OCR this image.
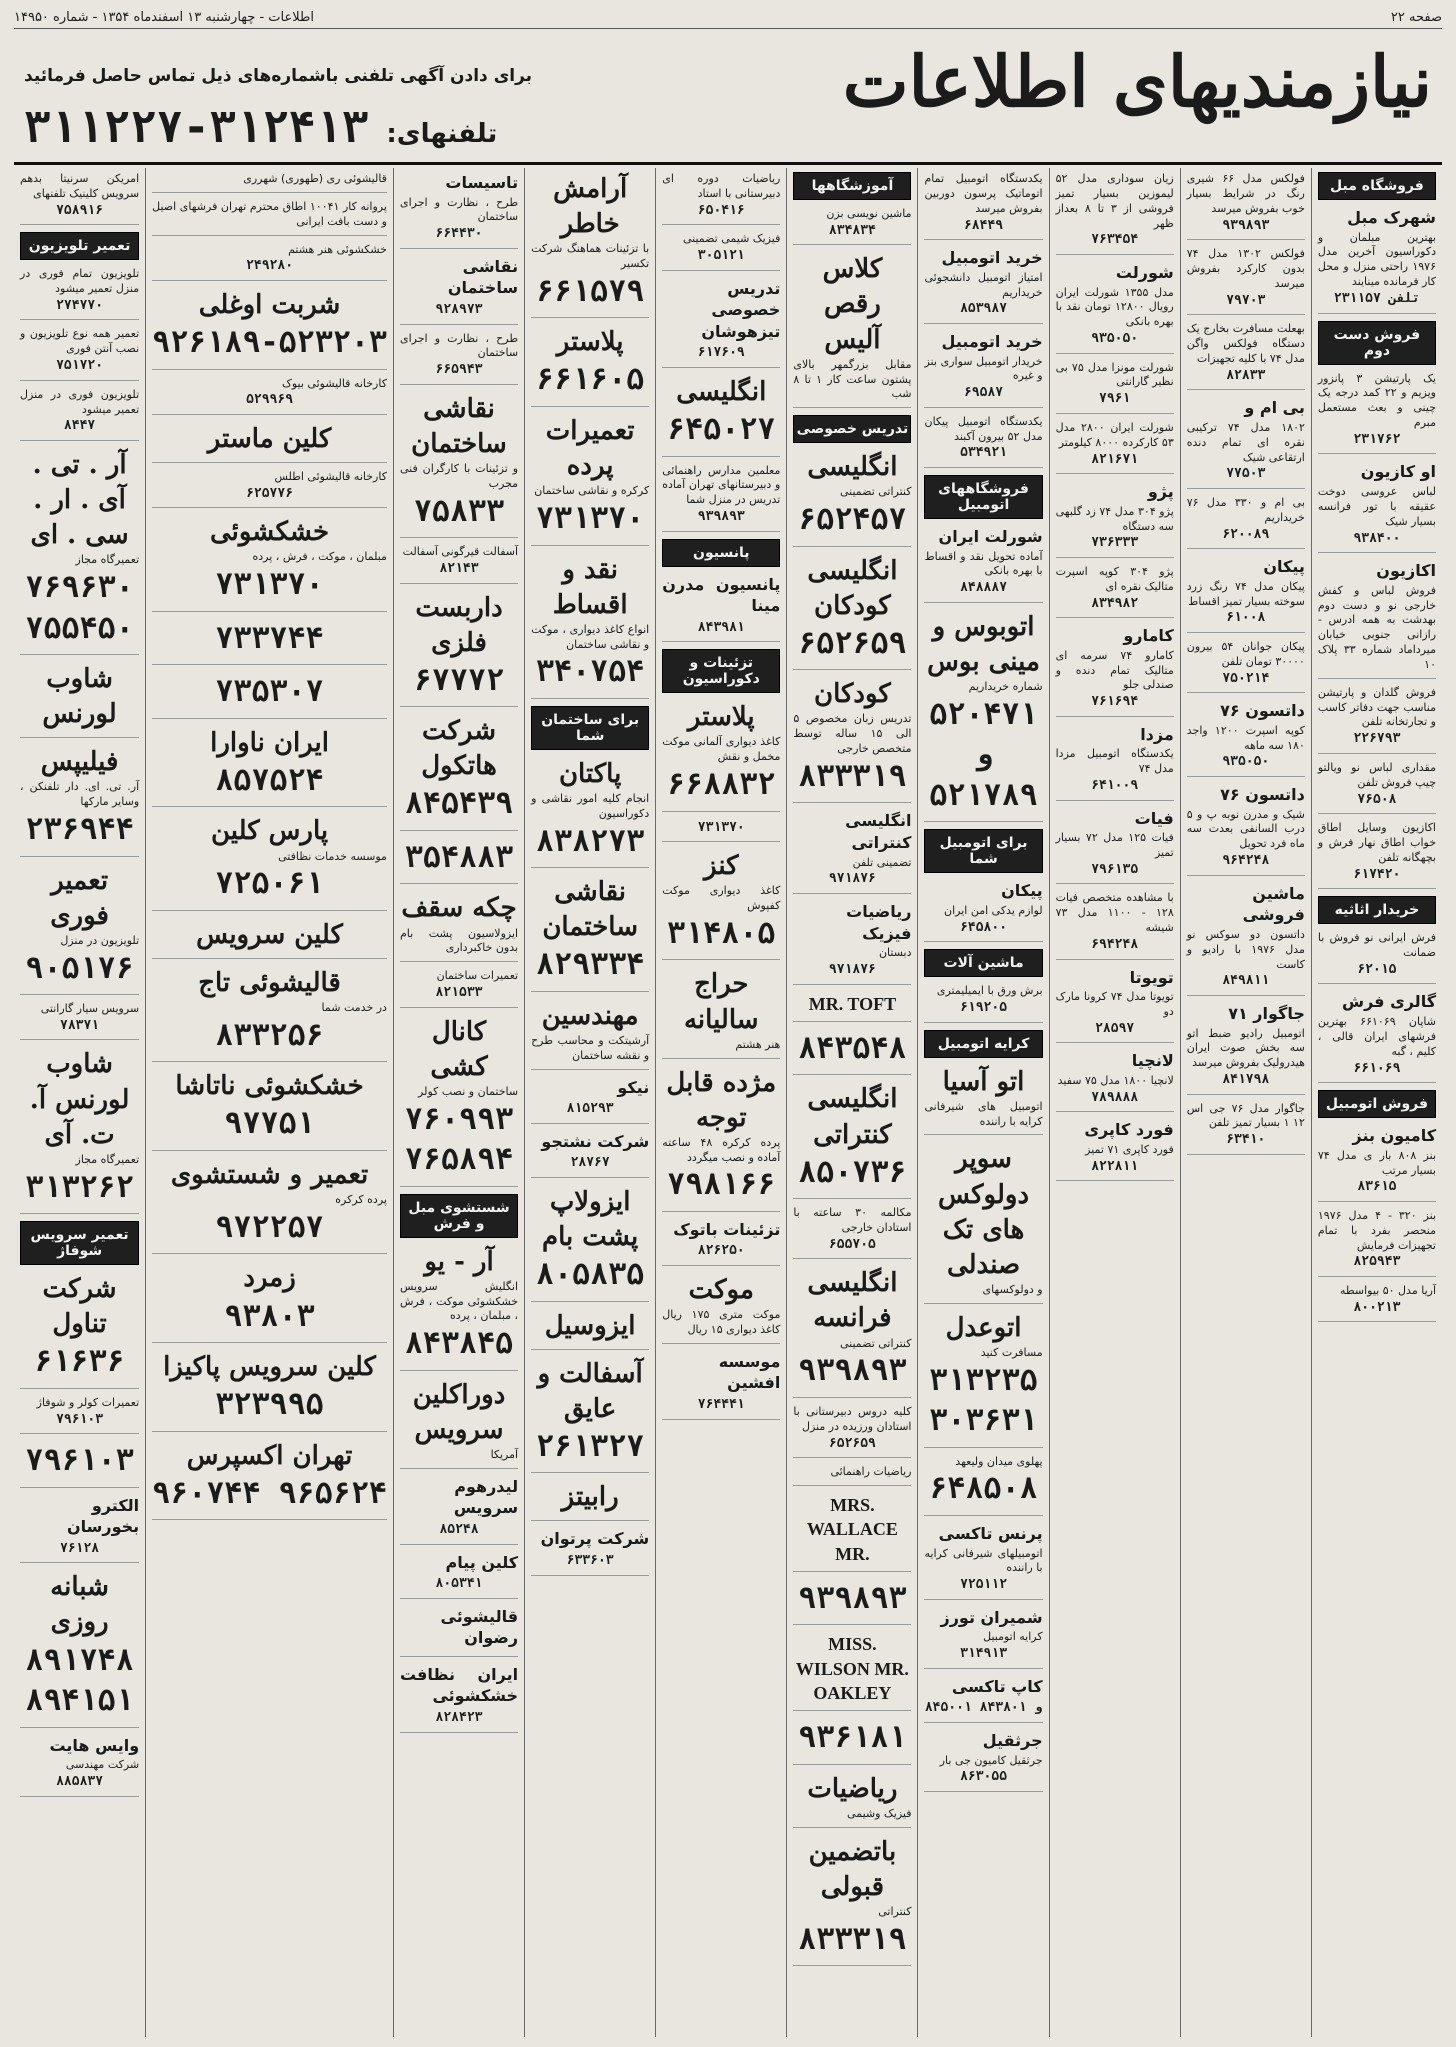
صفحه ۲۲
اطلاعات - چهارشنبه ۱۳ اسفندماه ۱۳۵۴ - شماره ۱۴۹۵۰
نیازمندیهای اطلاعات
برای دادن آگهی تلفنی باشماره‌های ذیل تماس حاصل فرمائید
تلفنهای:
۳۱۱۲۲۷-۳۱۲۴۱۳
فروشگاه مبل
شهرک مبل
بهترین مبلمان و دکوراسیون آخرین مدل ۱۹۷۶ راحتی منزل و محل کار فرمانده مینایند
تلفن ۲۳۱۱۵۷
فروش دست دوم
یک پارتیشن ۳ پانزور ویزیم و ۲۲ کمد درجه یک چینی و بعث مستعمل مبرم
۲۳۱۷۶۲
او کازیون
لباس عروسی دوخت عقیقه با تور فرانسه بسیار شیک
۹۳۸۴۰۰
اکازیون
فروش لباس و کفش خارجی نو و دست دوم بهدشت به همه ادرس - رازانی جنوبی خیابان میرداماد شماره ۳۳ پلاک ۱۰
فروش گلدان و پارتیشن مناسب جهت دفاتر کاسب و تجارتخانه تلفن
۲۲۶۷۹۳
مقداری لباس نو ویالتو چیپ فروش تلفن
۷۶۵۰۸
اکازیون وسایل اطاق خواب اطاق نهار فرش و بچهگانه تلفن
۶۱۷۴۲۰
خریدار اثاثیه
فرش ایرانی نو فروش با ضمانت
۶۲۰۱۵
گالری فرش
شاپان ۶۶۱۰۶۹ بهترین فرشهای ایران قالی ، کلیم ، گبه
۶۶۱۰۶۹
فروش اتومبیل
کامیون بنز
بنز ۸۰۸ بار ی مدل ۷۴ بسیار مرتب
۸۳۶۱۵
بنز ۳۲۰ - ۴ مدل ۱۹۷۶ منحصر بفرد با تمام تجهیزات فرمایش
۸۲۵۹۴۳
آریا مدل ۵۰ بیواسطه
۸۰۰۲۱۳
فولکس مدل ۶۶ شیری رنگ در شرایط بسیار خوب بفروش میرسد
۹۳۹۸۹۳
فولکس ۱۳۰۲ مدل ۷۴ بدون کارکرد بفروش میرسد
۷۹۷۰۳
بهعلت مسافرت بخارج یک دستگاه فولکس واگن مدل ۷۴ با کلیه تجهیزات
۸۲۸۳۳
بی ام و
۱۸۰۲ مدل ۷۴ ترکیبی نقره ای تمام دنده ارتقاعی شیک
۷۷۵۰۳
بی ام و ۳۳۰ مدل ۷۶ خریداریم
۶۲۰۰۸۹
پیکان
پیکان مدل ۷۴ رنگ زرد سوخته بسیار تمیز اقساط
۶۱۰۰۸
پیکان جوانان ۵۴ بیرون ۳۰۰۰۰ تومان تلفن
۷۵۰۲۱۴
داتسون ۷۶
کوپه اسپرت ۱۲۰۰ واجد ۱۸۰ سه ماهه
۹۳۵۰۵۰
داتسون ۷۶
شیک و مدرن نوبه پ و ۵ درب السانفی بعدت سه ماه فرد تحویل
۹۶۴۲۴۸
ماشین فروشی
داتسون دو سوکس نو مدل ۱۹۷۶ با رادیو و کاست
۸۴۹۸۱۱
جاگوار ۷۱
اتومبیل رادیو ضبط اتو سه بخش صوت ایران هیدرولیک بفروش میرسد
۸۴۱۷۹۸
جاگوار مدل ۷۶ جی اس ۱۲ ۱ بسیار تمیز تلفن
۶۳۴۱۰
زیان سوداری مدل ۵۲ لیموزین بسیار تمیز فروشی از ۳ تا ۸ بعداز ظهر
۷۶۳۴۵۴
شورلت
مدل ۱۳۵۵ شورلت ایران رویال ۱۲۸۰۰ تومان نقد با بهره بانکی
۹۳۵۰۵۰
شورلت مونزا مدل ۷۵ بی نظیر گارانتی
۷۹۶۱
شورلت ایران ۲۸۰۰ مدل ۵۳ کارکرده ۸۰۰۰ کیلومتر
۸۲۱۶۷۱
پژو
پژو ۳۰۴ مدل ۷۴ زد گلبهی سه دستگاه
۷۳۶۳۳۳
پژو ۳۰۴ کوپه اسپرت متالیک نقره ای
۸۳۴۹۸۲
کامارو
کامارو ۷۴ سرمه ای متالیک تمام دنده و صندلی جلو
۷۶۱۶۹۴
مزدا
یکدستگاه اتومبیل مزدا مدل ۷۴
۶۴۱۰۰۹
فیات
فیات ۱۲۵ مدل ۷۲ بسیار تمیز
۷۹۶۱۳۵
با مشاهده متخصص فیات ۱۲۸ - ۱۱۰۰ مدل ۷۳ شیشه
۶۹۴۲۴۸
تویوتا
تویوتا مدل ۷۴ کرونا مارک دو
۲۸۵۹۷
لانچیا
لانچیا ۱۸۰۰ مدل ۷۵ سفید
۷۸۹۸۸۸
فورد کاپری
فورد کاپری ۷۱ تمیز
۸۲۲۸۱۱
یکدستگاه اتومبیل تمام اتوماتیک پرسون دوربین بفروش میرسد
۶۸۴۴۹
خرید اتومبیل
امتیاز اتومبیل دانشجوئی خریداریم
۸۵۳۹۸۷
خرید اتومبیل
خریدار اتومبیل سواری بنز و غیره
۶۹۵۸۷
یکدستگاه اتومبیل پیکان مدل ۵۲ بیرون آکبند
۵۳۴۹۲۱
فروشگاههای اتومبیل
شورلت ایران
آماده تحویل نقد و اقساط با بهره بانکی
۸۴۸۸۸۷
اتوبوس و مینی بوس
شماره خریداریم
۵۲۰۴۷۱ و ۵۲۱۷۸۹
برای اتومبیل شما
پیکان
لوازم یدکی امن ایران
۶۴۵۸۰۰
ماشین آلات
برش ورق با ایمیلیمتری
۶۱۹۲۰۵
کرایه اتومبیل
اتو آسیا
اتومبیل های شیرفانی کرایه با راننده
سوپر دولوکس های تک صندلی
و دولوکسهای
اتوعدل
مسافرت کنید
۳۱۳۲۳۵ ۳۰۳۶۳۱
پهلوی میدان ولیعهد
۶۴۸۵۰۸
پرنس تاکسی
اتومبیلهای شیرفانی کرایه با راننده
۷۲۵۱۱۲
شمیران تورز
کرایه اتومبیل
۳۱۴۹۱۳
کاپ تاکسی
۸۴۵۰۰۱ و ۸۴۳۸۰۱
جرثقیل
جرثقیل کامیون جی بار
۸۶۳۰۵۵
آموزشگاهها
ماشین نویسی بزن
۸۳۴۸۳۴
کلاس رقص آلیس
مقابل بزرگمهر بالای پشتون ساعت کار ۱ تا ۸ شب
تدریس خصوصی
انگلیسی
کنتراتی تضمینی
۶۵۲۴۵۷
انگلیسی کودکان
۶۵۲۶۵۹
کودکان
تدریس زبان مخصوص ۵ الی ۱۵ ساله توسط متخصص خارجی
۸۳۳۳۱۹
انگلیسی کنتراتی
تضمینی تلفن
۹۷۱۸۷۶
ریاضیات فیزیک
دبستان
۹۷۱۸۷۶
MR. TOFT
۸۴۳۵۴۸
انگلیسی کنتراتی
۸۵۰۷۳۶
مکالمه ۳۰ ساعته با استادان خارجی
۶۵۵۷۰۵
انگلیسی فرانسه
کنتراتی تضمینی
۹۳۹۸۹۳
کلیه دروس دبیرستانی با استادان ورزیده در منزل
۶۵۲۶۵۹
ریاضیات راهنمائی
MRS. WALLACE MR.
۹۳۹۸۹۳
MISS. WILSON MR. OAKLEY
۹۳۶۱۸۱
ریاضیات
فیزیک وشیمی
باتضمین قبولی
کنتراتی
۸۳۳۳۱۹
ریاضیات دوره ای دبیرستانی با استاد
۶۵۰۴۱۶
فیزیک شیمی تضمینی
۳۰۵۱۲۱
تدریس خصوصی تیزهوشان
۶۱۷۶۰۹
انگلیسی
۶۴۵۰۲۷
معلمین مدارس راهنمائی و دبیرستانهای تهران آماده تدریس در منزل شما
۹۳۹۸۹۳
پانسیون
پانسیون مدرن مینا
۸۴۳۹۸۱
تزئینات و دکوراسیون
پلاستر
کاغذ دیواری آلمانی موکت مخمل و نقش
۶۶۸۸۳۲
۷۳۱۳۷۰
کنز
کاغذ دیواری موکت کفپوش
۳۱۴۸۰۵
حراج سالیانه
هنر هشتم
مژده قابل توجه
پرده کرکره ۴۸ ساعته آماده و نصب میگردد
۷۹۸۱۶۶
تزئینات باتوک
۸۲۶۲۵۰
موکت
موکت متری ۱۷۵ ریال کاغذ دیواری ۱۵ ریال
موسسه افشین
۷۶۴۴۴۱
آرامش خاطر
با تزئینات هماهنگ شرکت تکسیر
۶۶۱۵۷۹
پلاستر
۶۶۱۶۰۵
تعمیرات پرده
کرکره و نقاشی ساختمان
۷۳۱۳۷۰
نقد و اقساط
انواع کاغذ دیواری ، موکت و نقاشی ساختمان
۳۴۰۷۵۴
برای ساختمان شما
پاکتان
انجام کلیه امور نقاشی و دکوراسیون
۸۳۸۲۷۳
نقاشی ساختمان
۸۲۹۳۳۴
مهندسین
آرشیتکت و محاسب طرح و نقشه ساختمان
نیکو
۸۱۵۲۹۳
شرکت نشتجو
۲۸۷۶۷
ایزولاپ پشت بام
۸۰۵۸۳۵
ایزوسیل
آسفالت و عایق
۲۶۱۳۲۷
رابیتز
شرکت پرتوان
۶۳۳۶۰۳
تاسیسات
طرح ، نظارت و اجرای ساختمان
۶۶۴۴۳۰
نقاشی ساختمان
۹۲۸۹۷۳
طرح ، نظارت و اجرای ساختمان
۶۶۵۹۴۳
نقاشی ساختمان
و تزئینات با کارگران فنی مجرب
۷۵۸۳۳
آسفالت قیرگونی آسفالت
۸۲۱۴۳
داربست فلزی
۶۷۷۷۲
شرکت هاتکول
۸۴۵۴۳۹
۳۵۴۸۸۳
چکه سقف
ایزولاسیون پشت بام بدون خاکبرداری
تعمیرات ساختمان
۸۲۱۵۳۳
کانال کشی
ساختمان و نصب کولر
۷۶۰۹۹۳ ۷۶۵۸۹۴
شستشوی مبل و فرش
آر - یو
انگلیش سرویس خشکشوئی موکت ، فرش ، مبلمان ، پرده
۸۴۳۸۴۵
دوراکلین سرویس
آمریکا
لیدرهوم سرویس
۸۵۲۴۸
کلین پیام
۸۰۵۳۴۱
قالیشوئی رضوان
ایران نظافت خشکشوئی
۸۲۸۴۲۳
قالیشوئی ری (طهوری) شهرری
پروانه کار ۱۰۰۴۱ اطاق محترم تهران فرشهای اصیل و دست بافت ایرانی
خشکشوئی هنر هشتم
۲۴۹۲۸۰
شربت اوغلی
۹۲۶۱۸۹-۵۲۳۲۰۳
کارخانه قالیشوئی بیوک
۵۲۹۹۶۹
کلین ماستر
کارخانه قالیشوئی اطلس
۶۲۵۷۷۶
خشکشوئی
مبلمان ، موکت ، فرش ، پرده
۷۳۱۳۷۰
۷۳۳۷۴۴
۷۳۵۳۰۷
ایران ناوارا
۸۵۷۵۲۴
پارس کلین
موسسه خدمات نظافتی
۷۲۵۰۶۱
کلین سرویس
قالیشوئی تاج
در خدمت شما
۸۳۳۲۵۶
خشکشوئی ناتاشا
۹۷۷۵۱
تعمیر و شستشوی
پرده کرکره
۹۷۲۲۵۷
زمرد
۹۳۸۰۳
کلین سرویس پاکیزا
۳۲۳۹۹۵
تهران اکسپرس
۹۶۰۷۴۴ ۹۶۵۶۲۴
امریکن سرنیتا بدهم سرویس کلینیک تلفنهای
۷۵۸۹۱۶
تعمیر تلویزیون
تلویزیون تمام فوری در منزل تعمیر میشود
۲۷۴۷۷۰
تعمیر همه نوع تلویزیون و نصب آنتن فوری
۷۵۱۷۲۰
تلویزیون فوری در منزل تعمیر میشود
۸۴۴۷
آر . تی . آی . ار . سی . ای
تعمیرگاه مجاز
۷۶۹۶۳۰ ۷۵۵۴۵۰
شاوب لورنس
فیلیپس
آر. تی. ای. دار تلفنکن ، وسایر مارکها
۲۳۶۹۴۴
تعمیر فوری
تلویزیون در منزل
۹۰۵۱۷۶
سرویس سیار گارانتی
۷۸۳۷۱
شاوب لورنس آ. ت. آی
تعمیرگاه مجاز
۳۱۳۲۶۲
تعمیر سرویس شوفاژ
شرکت تناول
۶۱۶۳۶
تعمیرات کولر و شوفاژ
۷۹۶۱۰۳
۷۹۶۱۰۳
الکترو بخورسان
۷۶۱۲۸
شبانه روزی
۸۹۱۷۴۸ ۸۹۴۱۵۱
وایس هایت
شرکت مهندسی
۸۸۵۸۳۷
